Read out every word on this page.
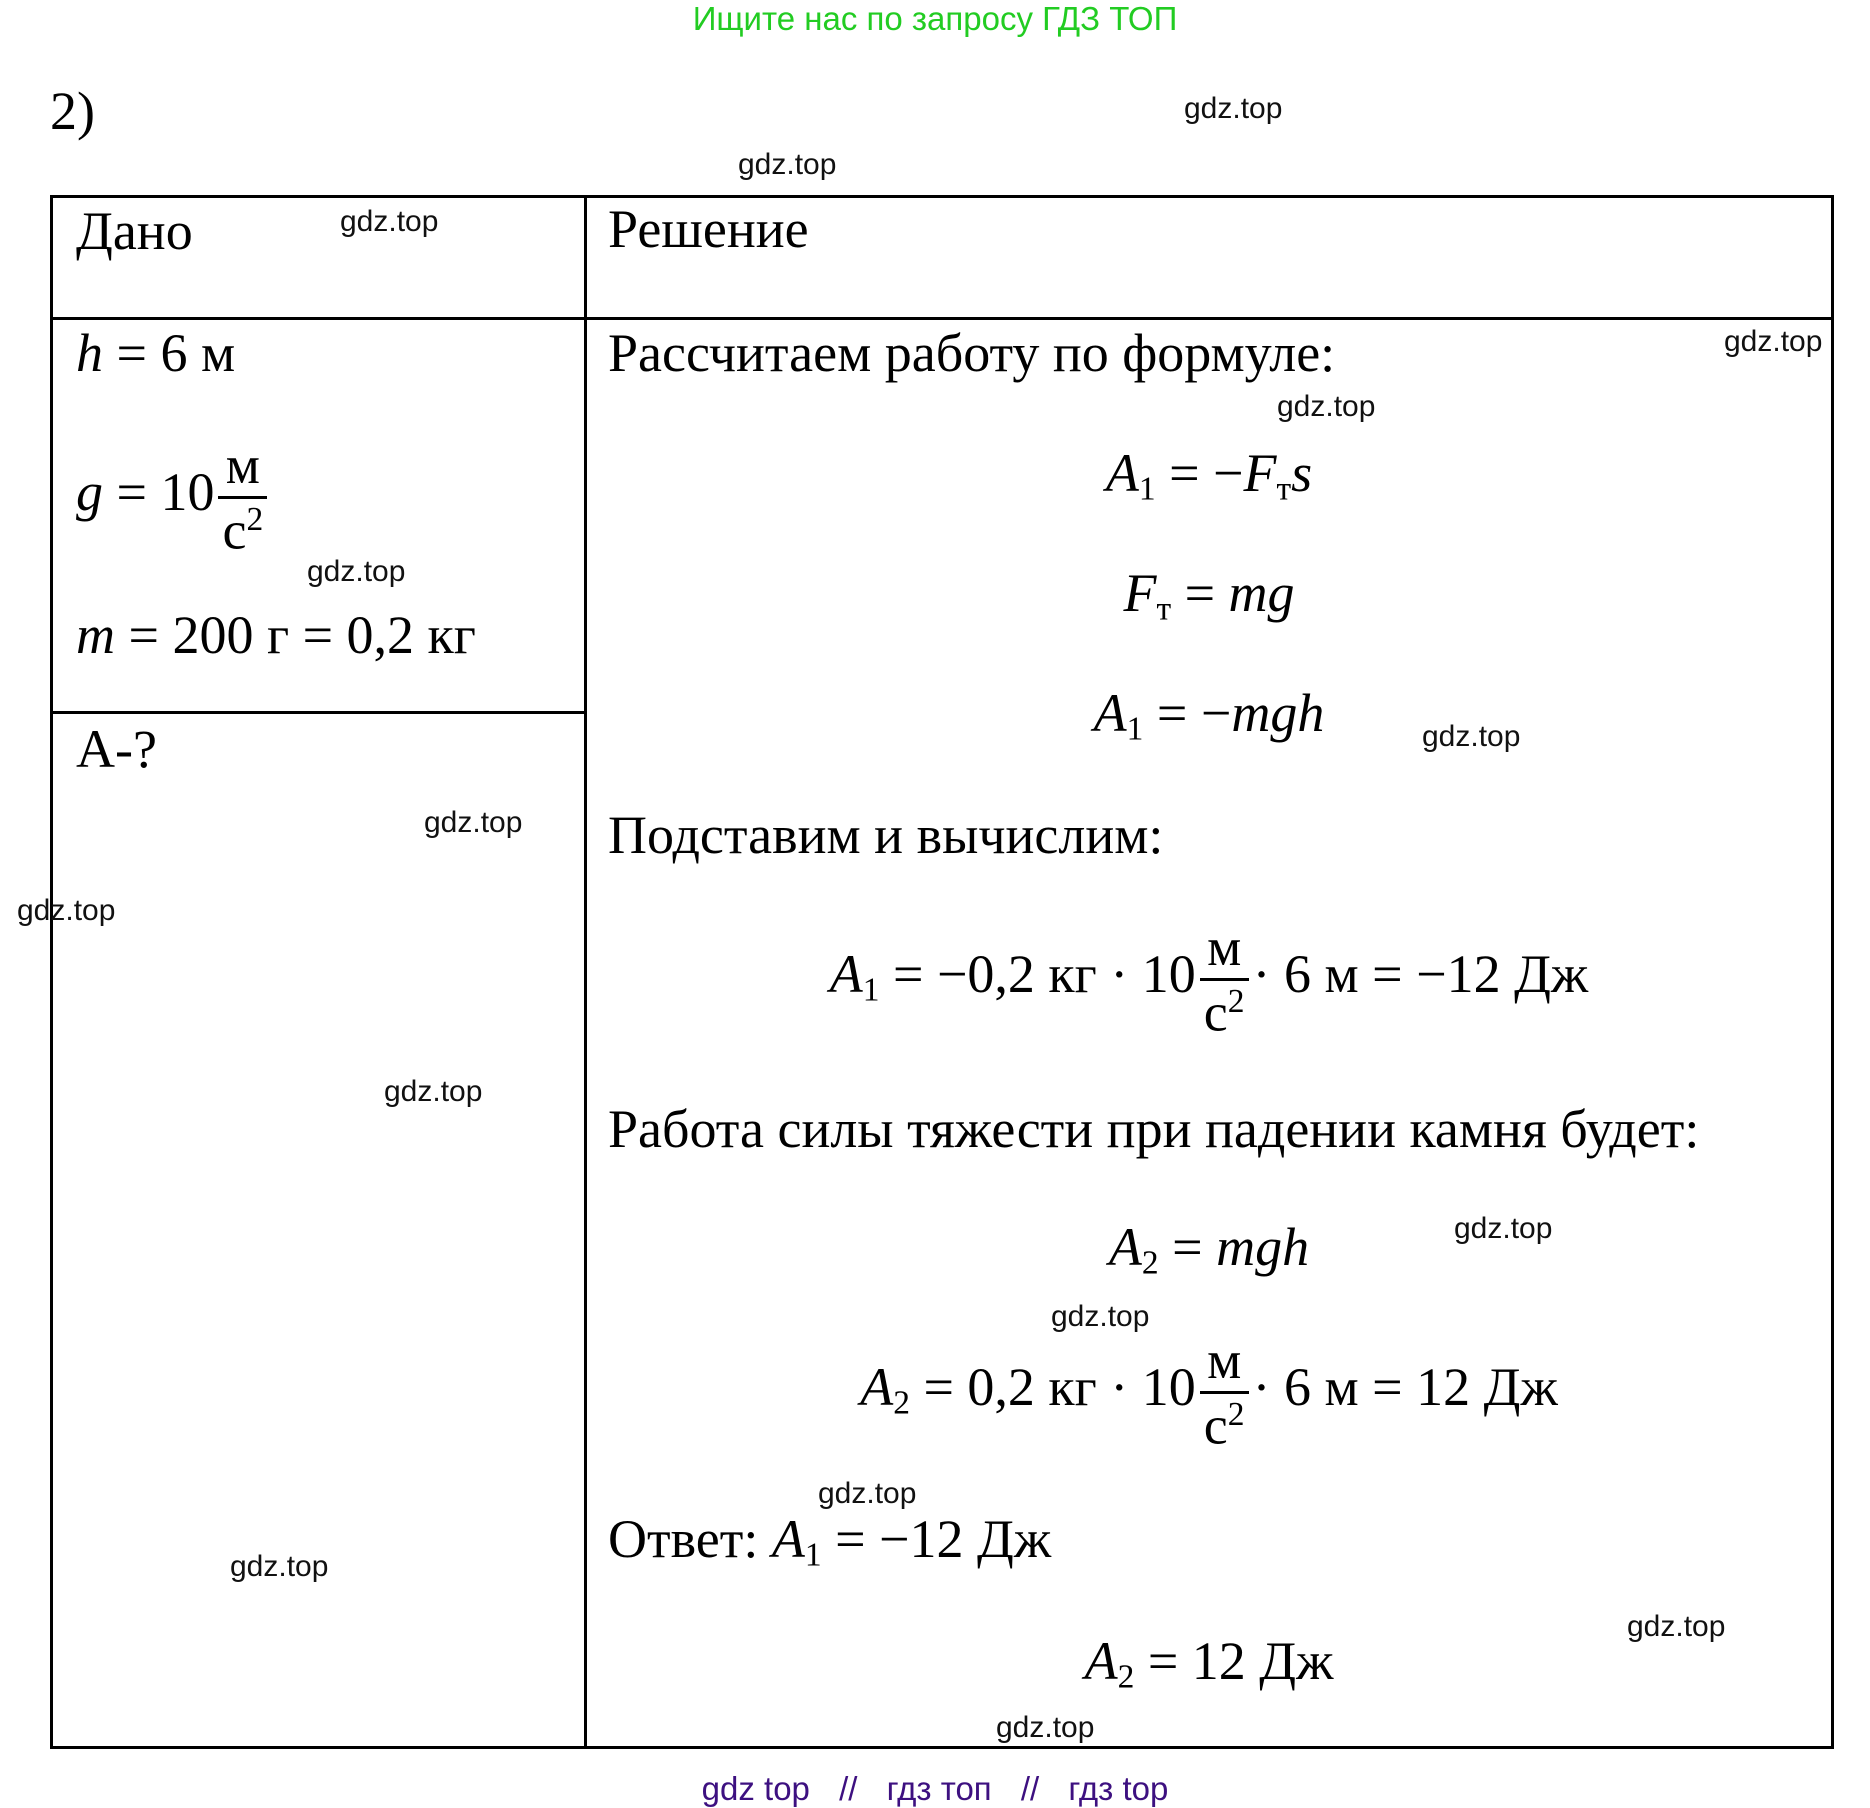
Ищите нас по запросу ГДЗ ТОП
2)
Дано	Решение
h = 6 м
$g = 10 \frac{м}{с^2}$
m = 200 г = 0,2 кг
А-?
Рассчитаем работу по формуле:
$A_1 = -F_тs$
$F_т$ = mg
$A_1 = -mgh$
Подставим и вычислим:
$A_1 = -0,2$ кг · $10 \frac{м}{с^2} \cdot 6$ м = −12 Дж
Работа силы тяжести при падении камня будет:
$A_2$ = mgh
$A_2 = 0,2$ кг · $10 \frac{м}{с^2} \cdot 6$ м = 12 Дж
Ответ: $A_1 = -12$ Дж
$A_2 = 12$ Дж
gdz.top
gdz.top
gdz.top
gdz.top
gdz.top
gdz.top
gdz.top
gdz.top
gdz.top
gdz.top
gdz.top
gdz.top
gdz.top
gdz.top
gdz.top
gdz.top
gdz top // гдз топ // гдз top
